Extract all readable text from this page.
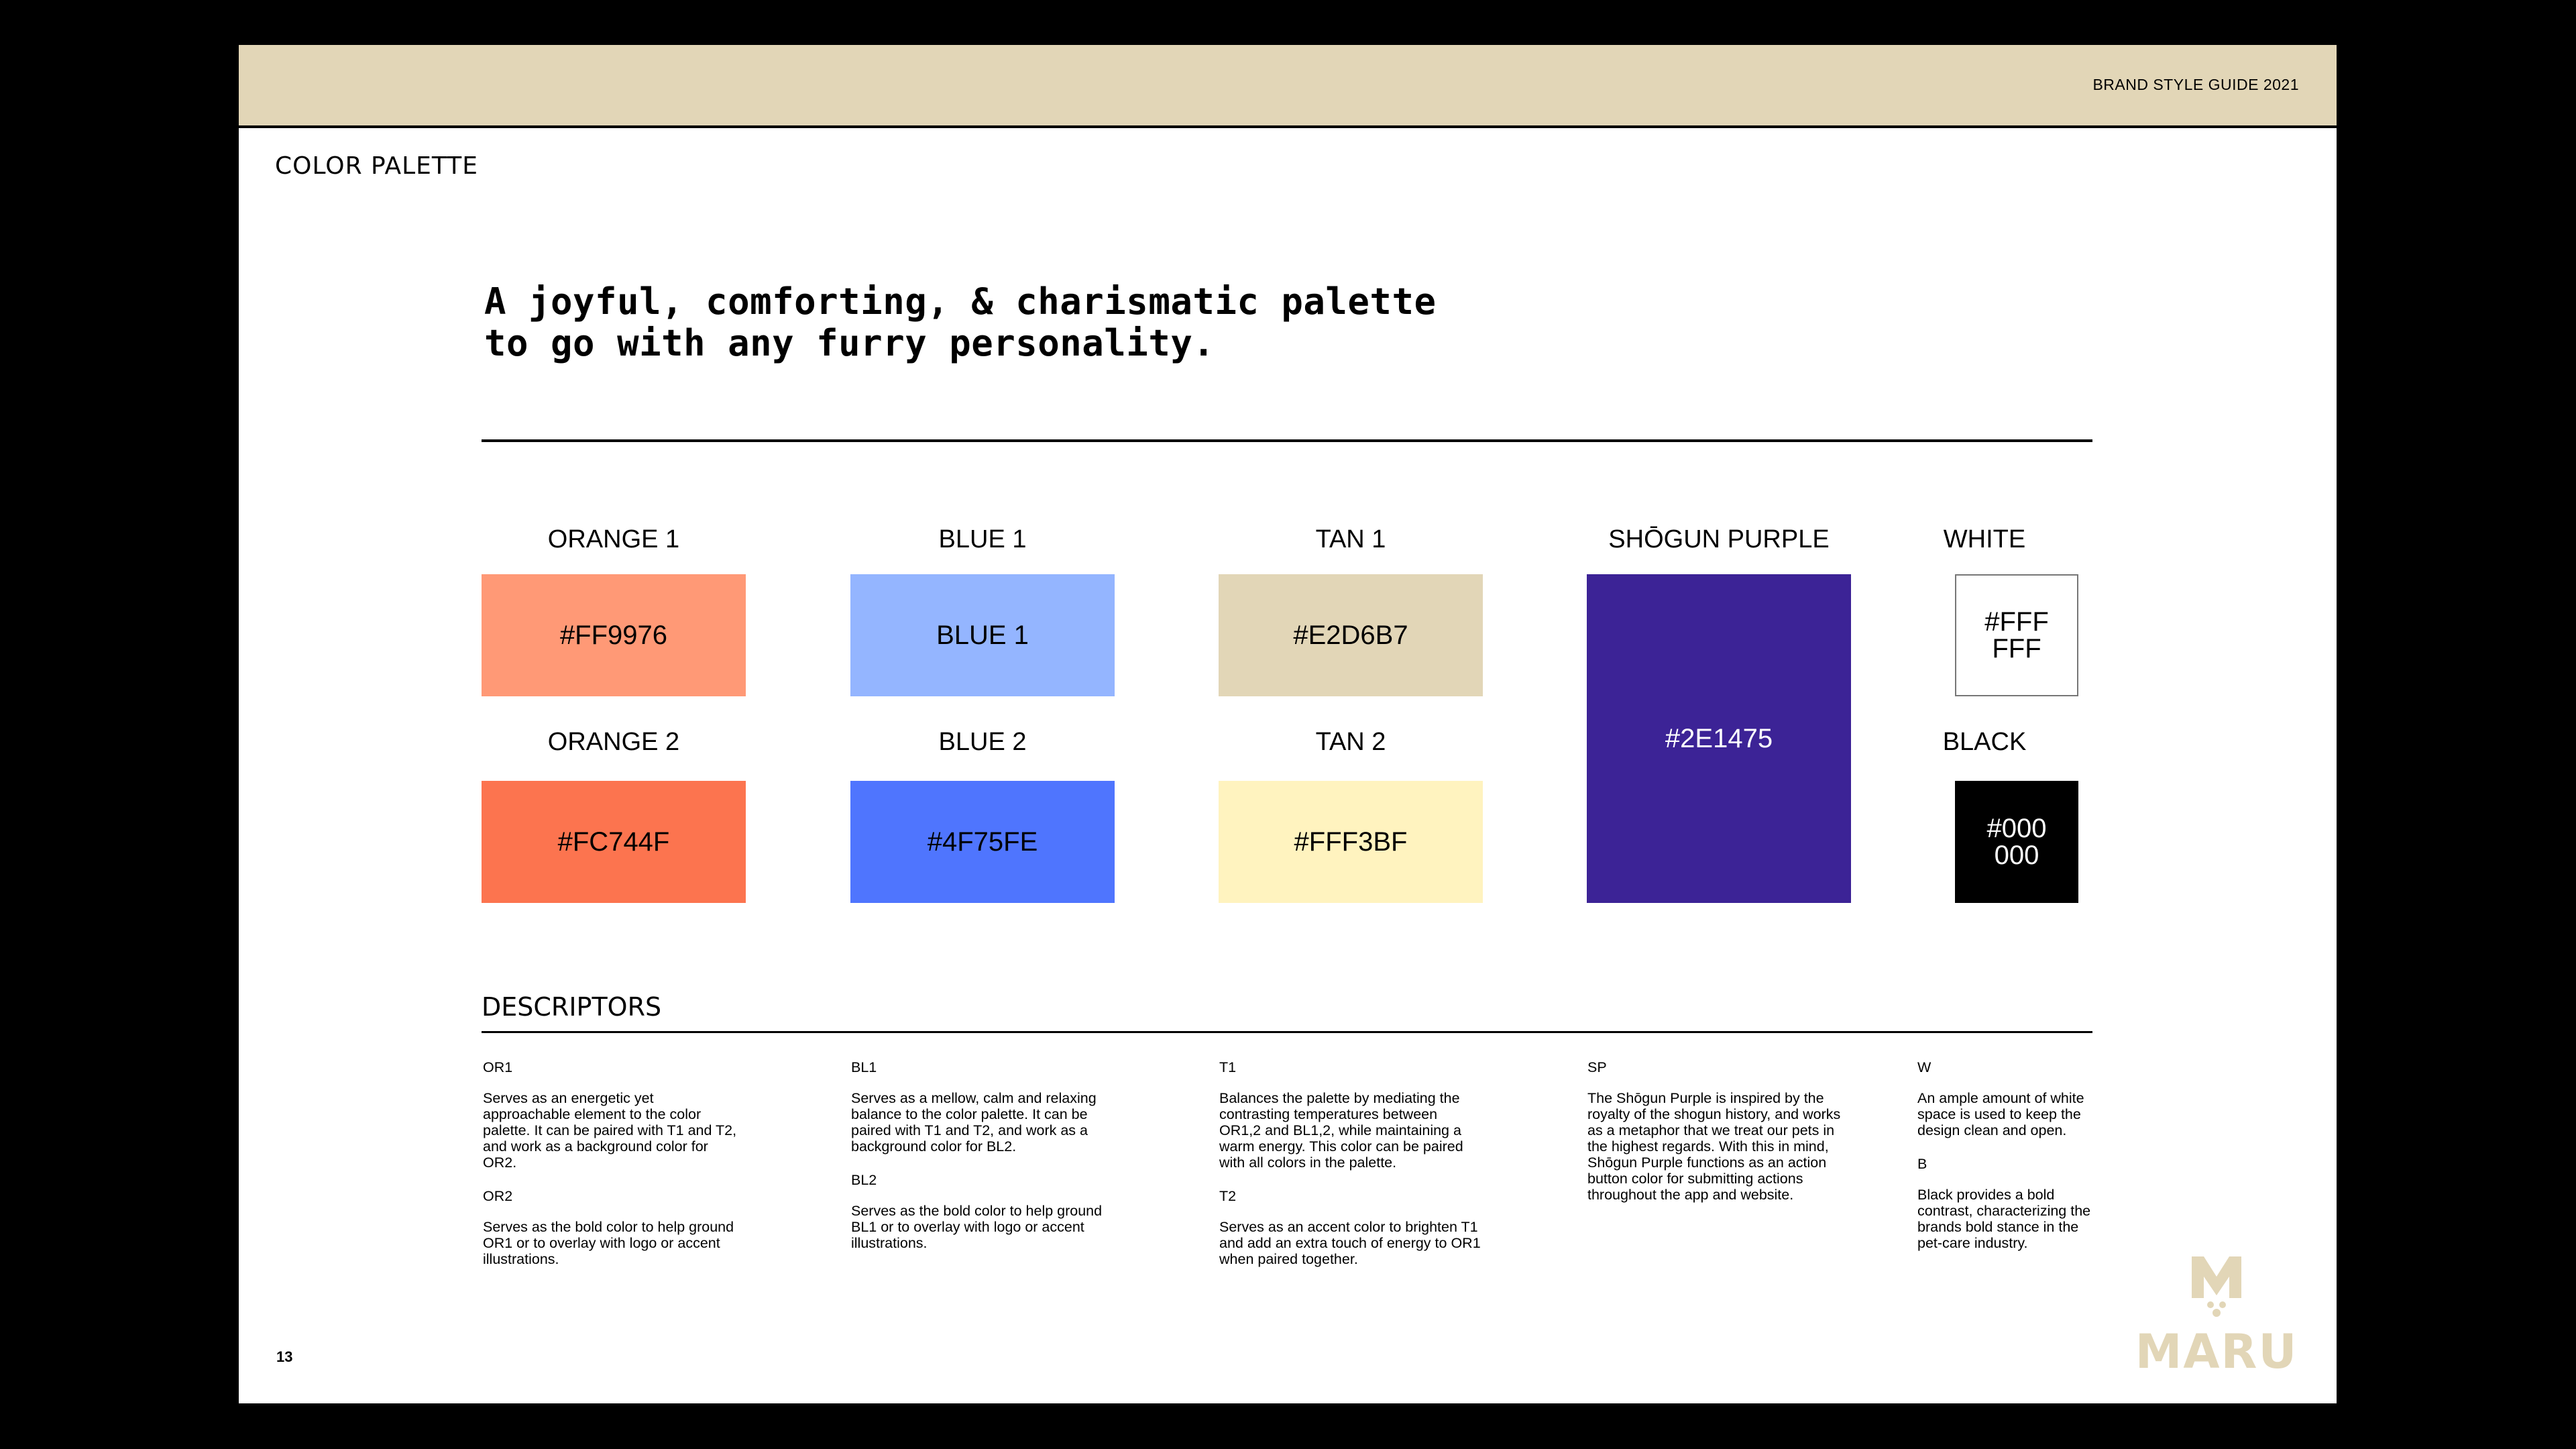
BRAND STYLE GUIDE 2021
COLOR PALETTE
A joyful, comforting, & charismatic palette
to go with any furry personality.
ORANGE 1
#FF9976
ORANGE 2
#FC744F
BLUE 1
BLUE 1
BLUE 2
#4F75FE
TAN 1
#E2D6B7
TAN 2
#FFF3BF
SHŌGUN PURPLE
#2E1475
WHITE
#FFF
FFF
BLACK
#000
000
DESCRIPTORS
OR1

Serves as an energetic yet approachable element to the color palette. It can be paired with T1 and T2, and work as a background color for OR2.

OR2

Serves as the bold color to help ground OR1 or to overlay with logo or accent illustrations.

BL1

Serves as a mellow, calm and relaxing balance to the color palette. It can be paired with T1 and T2, and work as a background color for BL2.

BL2

Serves as the bold color to help ground BL1 or to overlay with logo or accent illustrations.

T1

Balances the palette by mediating the contrasting temperatures between OR1,2 and BL1,2, while maintaining a warm energy. This color can be paired with all colors in the palette.

T2

Serves as an accent color to brighten T1 and add an extra touch of energy to OR1 when paired together.

SP

The Shōgun Purple is inspired by the royalty of the shogun history, and works as a metaphor that we treat our pets in the highest regards. With this in mind, Shōgun Purple functions as an action button color for submitting actions throughout the app and website.

W

An ample amount of white space is used to keep the design clean and open.

B

Black provides a bold contrast, characterizing the brands bold stance in the pet-care industry.

13	MARU
